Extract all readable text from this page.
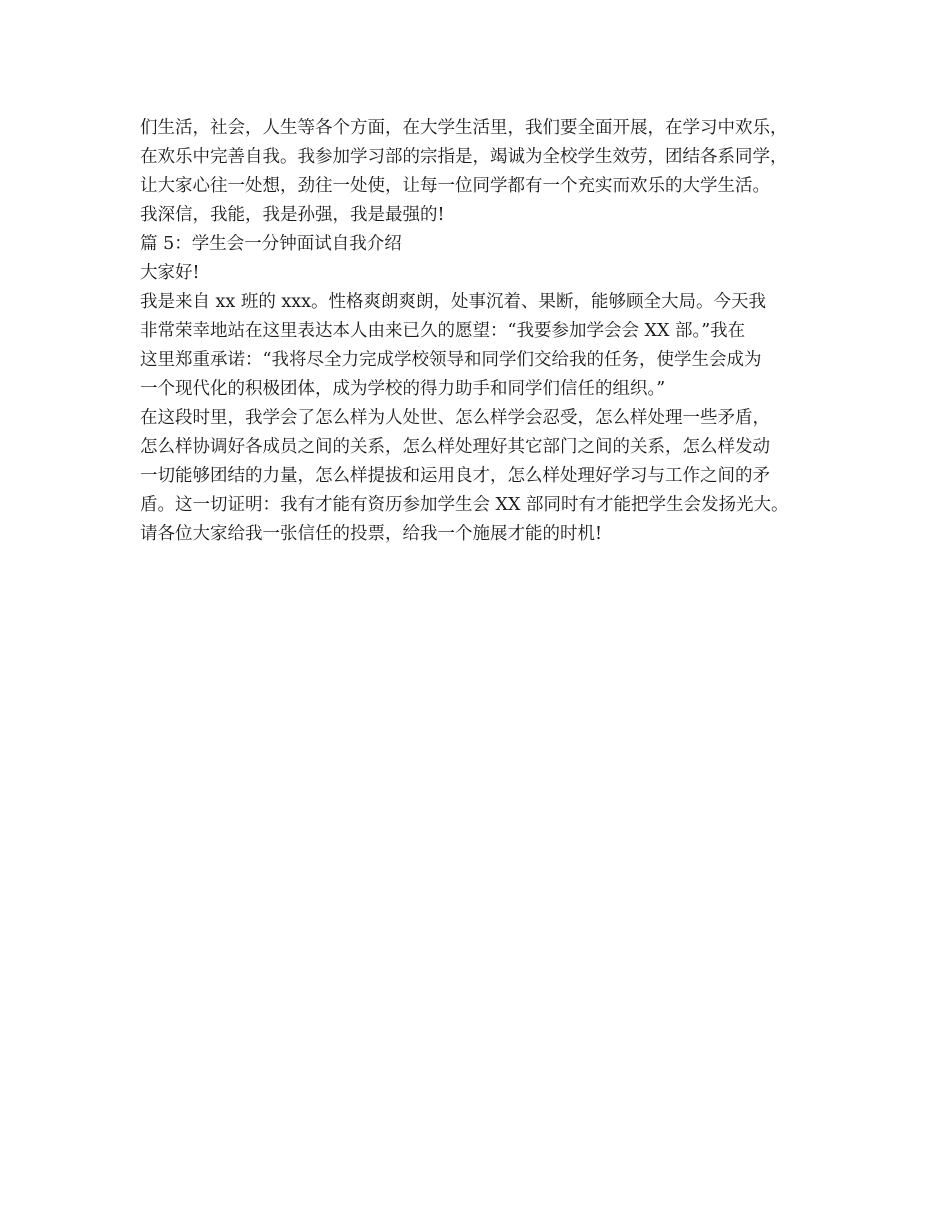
们生活，社会，人生等各个方面，在大学生活里，我们要全面开展，在学习中欢乐，
在欢乐中完善自我。我参加学习部的宗指是，竭诚为全校学生效劳，团结各系同学，
让大家心往一处想，劲往一处使，让每一位同学都有一个充实而欢乐的大学生活。
我深信，我能，我是孙强，我是最强的!
篇 5：学生会一分钟面试自我介绍
大家好!
我是来自 xx 班的 xxx。性格爽朗爽朗，处事沉着、果断，能够顾全大局。今天我
非常荣幸地站在这里表达本人由来已久的愿望：“我要参加学会会 XX 部。”我在
这里郑重承诺：“我将尽全力完成学校领导和同学们交给我的任务，使学生会成为
一个现代化的积极团体，成为学校的得力助手和同学们信任的组织。”
在这段时里，我学会了怎么样为人处世、怎么样学会忍受，怎么样处理一些矛盾，
怎么样协调好各成员之间的关系，怎么样处理好其它部门之间的关系，怎么样发动
一切能够团结的力量，怎么样提拔和运用良才，怎么样处理好学习与工作之间的矛
盾。这一切证明：我有才能有资历参加学生会 XX 部同时有才能把学生会发扬光大。
请各位大家给我一张信任的投票，给我一个施展才能的时机!
